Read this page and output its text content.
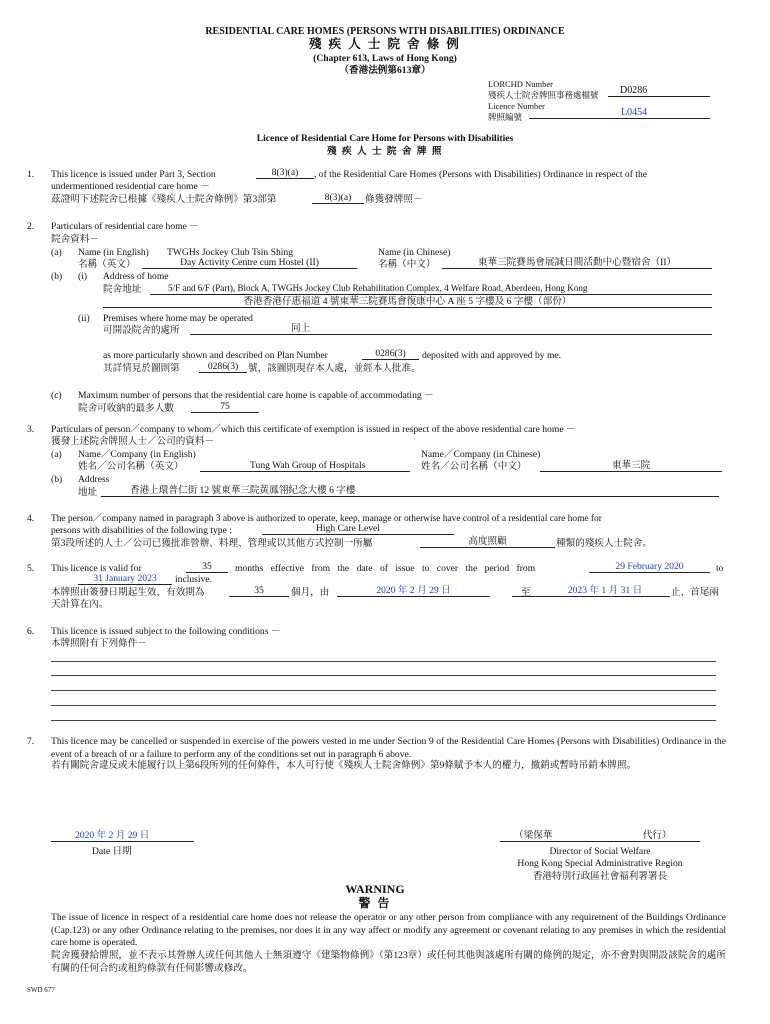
RESIDENTIAL CARE HOMES (PERSONS WITH DISABILITIES) ORDINANCE
殘 疾 人 士 院 舍 條 例
(Chapter 613, Laws of Hong Kong)
（香港法例第613章）
LORCHD Number
殘疾人士院舍牌照事務處檔號	D0286
Licence Number
牌照編號	L0454
Licence of Residential Care Home for Persons with Disabilities
殘 疾 人 士 院 舍 牌 照
1. This licence is issued under Part 3, Section	8(3)(a)	, of the Residential Care Homes (Persons with Disabilities) Ordinance in respect of the
undermentioned residential care home －
茲證明下述院舍已根據《殘疾人士院舍條例》第3部第	8(3)(a)	條獲發牌照－
2. Particulars of residential care home －
院舍資料－
(a) Name (in English) TWGHs Jockey Club Tsin Shing
名稱（英文）	Day Activity Centre cum Hostel (II)
Name (in Chinese)
名稱（中文）	東華三院賽馬會展誠日間活動中心暨宿舍（II）
(b) (i) Address of home
院舍地址	5/F and 6/F (Part), Block A, TWGHs Jockey Club Rehabilitation Complex, 4 Welfare Road, Aberdeen, Hong Kong
香港香港仔惠福道 4 號東華三院賽馬會復康中心 A 座 5 字樓及 6 字樓（部份）
(ii) Premises where home may be operated
可開設院舍的處所	同上
as more particularly shown and described on Plan Number	0286(3)	deposited with and approved by me.
其詳情見於圖則第	0286(3)	號，該圖則現存本人處，並經本人批准。
(c) Maximum number of persons that the residential care home is capable of accommodating －
院舍可收納的最多人數	75
3. Particulars of person／company to whom／which this certificate of exemption is issued in respect of the above residential care home －
獲發上述院舍牌照人士／公司的資料－
(a) Name／Company (in English)
姓名／公司名稱（英文）	Tung Wah Group of Hospitals
Name／Company (in Chinese)
姓名／公司名稱（中文）	東華三院
(b) Address
地址	香港上環普仁街 12 號東華三院黃鳳翎紀念大樓 6 字樓
4. The person／company named in paragraph 3 above is authorized to operate, keep, manage or otherwise have control of a residential care home for
persons with disabilities of the following type :	High Care Level
第3段所述的人士／公司已獲批准營辦、料理、管理或以其他方式控制一所屬	高度照顧	種類的殘疾人士院舍。
5. This licence is valid for	35	months effective from the date of issue to cover the period from	29 February 2020	to
31 January 2023	inclusive.
本牌照由簽發日期起生效，有效期為	35	個月，由	2020 年 2 月 29 日	至	2023 年 1 月 31 日	止，首尾兩
天計算在內。
6. This licence is issued subject to the following conditions －
本牌照附有下列條件－
7. This licence may be cancelled or suspended in exercise of the powers vested in me under Section 9 of the Residential Care Homes (Persons with Disabilities) Ordinance in the event of a breach of or a failure to perform any of the conditions set out in paragraph 6 above.
若有關院舍違反或未能履行以上第6段所列的任何條件，本人可行使《殘疾人士院舍條例》第9條賦予本人的權力，撤銷或暫時吊銷本牌照。
2020 年 2 月 29 日
Date 日期
（梁保華	代行）
Director of Social Welfare
Hong Kong Special Administrative Region
香港特別行政區社會福利署署長
WARNING
警 告
The issue of licence in respect of a residential care home does not release the operator or any other person from compliance with any requirement of the Buildings Ordinance (Cap.123) or any other Ordinance relating to the premises, nor does it in any way affect or modify any agreement or covenant relating to any premises in which the residential care home is operated.
院舍獲發給牌照，並不表示其營辦人或任何其他人士無須遵守《建築物條例》（第123章）或任何其他與該處所有關的條例的規定，亦不會對與開設該院舍的處所有關的任何合約或租約條款有任何影響或修改。
SWD 677
